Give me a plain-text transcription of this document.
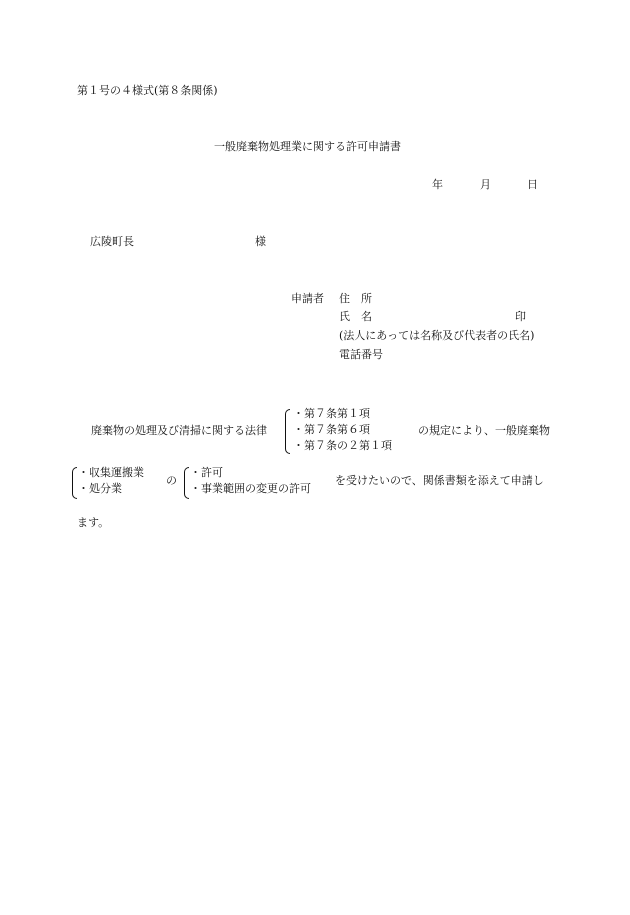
第１号の４様式(第８条関係)
一般廃棄物処理業に関する許可申請書
年	月	日
広陵町長	様
申請者 住　所
氏　名	印
(法人にあっては名称及び代表者の氏名)
電話番号
廃棄物の処理及び清掃に関する法律
・第７条第１項
・第７条第６項
・第７条の２第１項
の規定により、一般廃棄物
・収集運搬業
・処分業
の
・許可
・事業範囲の変更の許可
を受けたいので、関係書類を添えて申請し
ます。
